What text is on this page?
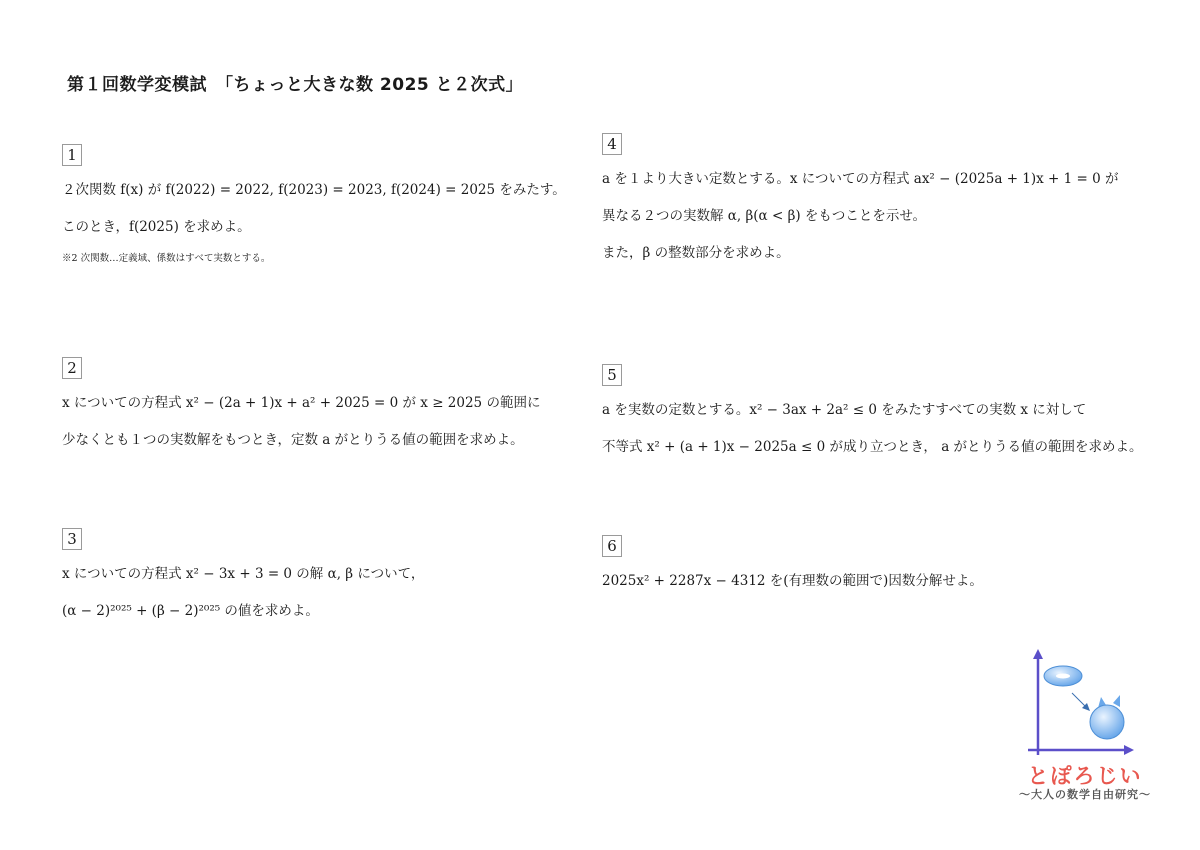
第１回数学変模試　「ちょっと大きな数 2025 と２次式」
1
２次関数 f(x) が f(2022) = 2022, f(2023) = 2023, f(2024) = 2025 をみたす。
このとき，f(2025) を求めよ。
※2 次関数…定義域、係数はすべて実数とする。
2
x についての方程式 x² − (2a + 1)x + a² + 2025 = 0 が x ≥ 2025 の範囲に
少なくとも１つの実数解をもつとき，定数 a がとりうる値の範囲を求めよ。
3
x についての方程式 x² − 3x + 3 = 0 の解 α, β について，
(α − 2)²⁰²⁵ + (β − 2)²⁰²⁵ の値を求めよ。
4
a を１より大きい定数とする。x についての方程式 ax² − (2025a + 1)x + 1 = 0 が
異なる２つの実数解 α, β(α < β) をもつことを示せ。
また，β の整数部分を求めよ。
5
a を実数の定数とする。x² − 3ax + 2a² ≤ 0 をみたすすべての実数 x に対して
不等式 x² + (a + 1)x − 2025a ≤ 0 が成り立つとき， a がとりうる値の範囲を求めよ。
6
2025x² + 2287x − 4312 を(有理数の範囲で)因数分解せよ。
とぽろじい
〜大人の数学自由研究〜
